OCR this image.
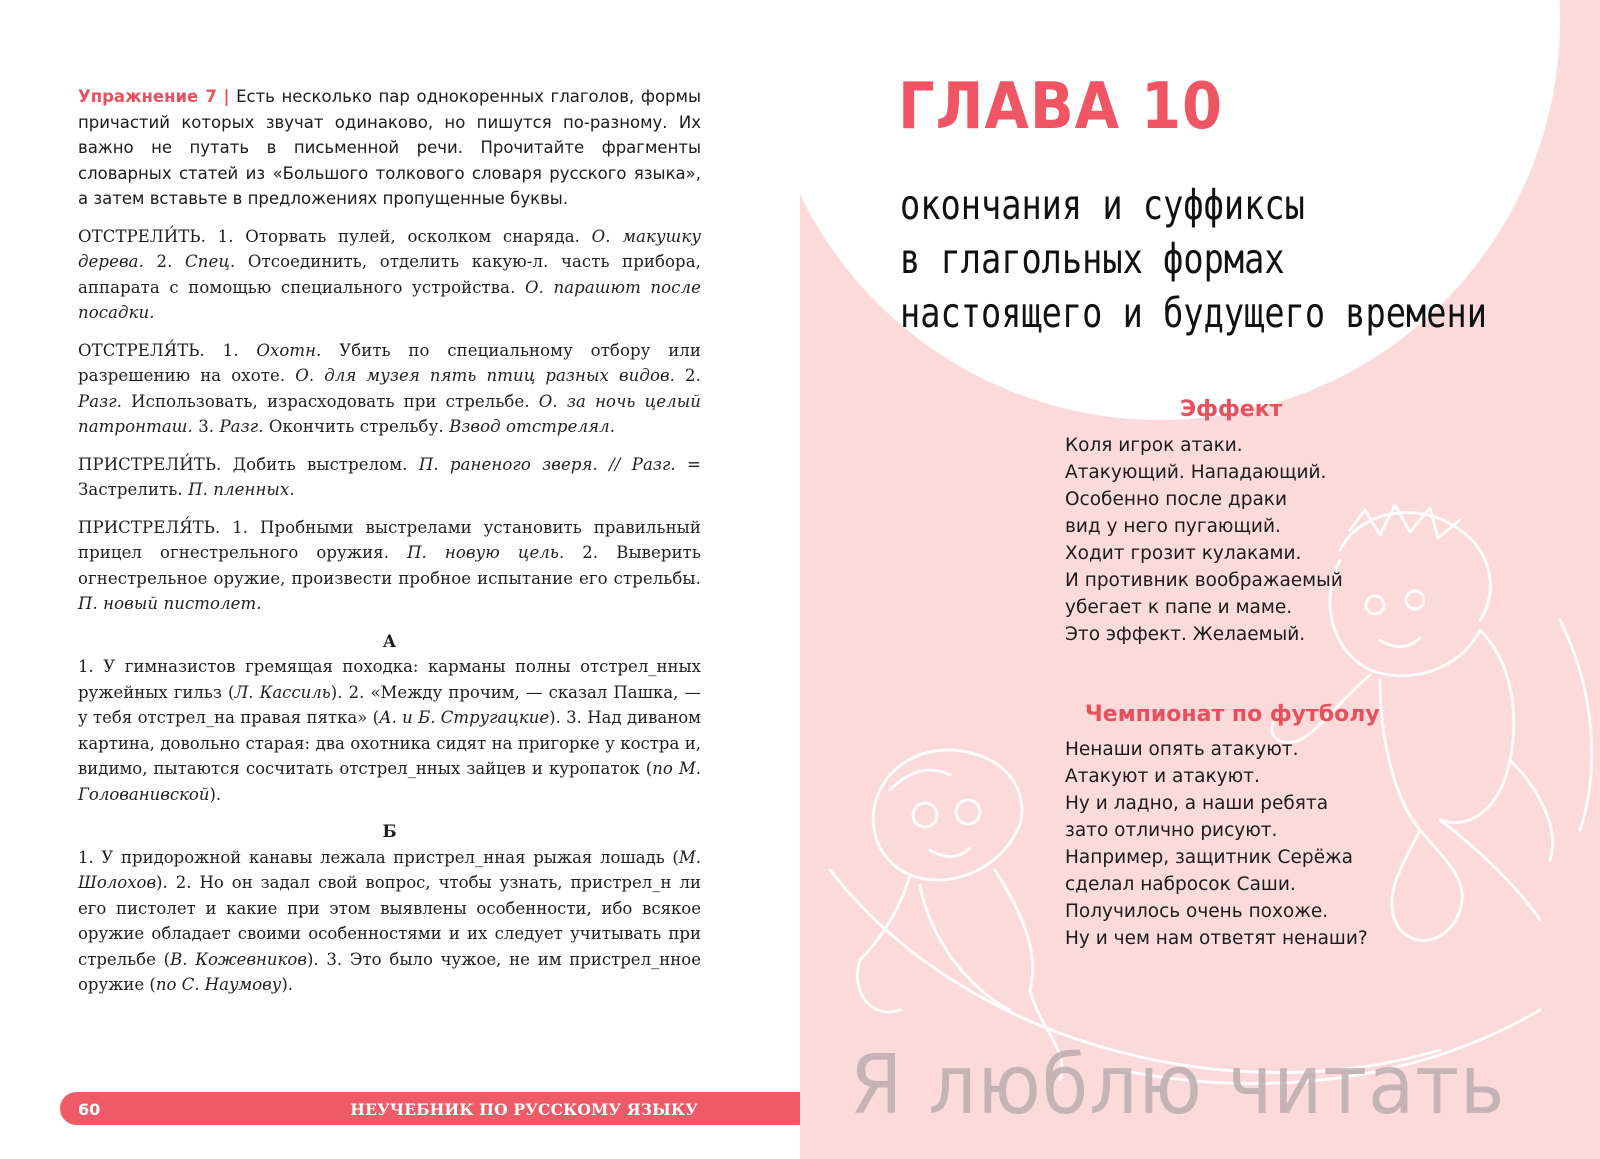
Упражнение 7 | Есть несколько пар однокоренных глаголов, формы причастий которых звучат одинаково, но пишутся по-разному. Их важно не путать в письменной речи. Прочитайте фрагменты словарных статей из «Большого толкового словаря русского языка», а затем вставьте в предложениях пропущенные буквы.

ОТСТРЕЛИ́ТЬ. 1. Оторвать пулей, осколком снаряда. О. макушку дерева. 2. Спец. Отсоединить, отделить какую-л. часть прибора, аппарата с помощью специального устройства. О. парашют после посадки.

ОТСТРЕЛЯ́ТЬ. 1. Охотн. Убить по специальному отбору или разрешению на охоте. О. для музея пять птиц разных видов. 2. Разг. Использовать, израсходовать при стрельбе. О. за ночь целый патронташ. 3. Разг. Окончить стрельбу. Взвод отстрелял.

ПРИСТРЕЛИ́ТЬ. Добить выстрелом. П. раненого зверя. // Разг. = Застрелить. П. пленных.

ПРИСТРЕЛЯ́ТЬ. 1. Пробными выстрелами установить правильный прицел огнестрельного оружия. П. новую цель. 2. Выверить огнестрельное оружие, произвести пробное испытание его стрельбы. П. новый пистолет.

А

1. У гимназистов гремящая походка: карманы полны отстрел_нных ружейных гильз (Л. Кассиль). 2. «Между прочим, — сказал Пашка, — у тебя отстрел_на правая пятка» (А. и Б. Стругацкие). 3. Над диваном картина, довольно старая: два охотника сидят на пригорке у костра и, видимо, пытаются сосчитать отстрел_нных зайцев и куропаток (по М. Голованивской).

Б

1. У придорожной канавы лежала пристрел_нная рыжая лошадь (М. Шолохов). 2. Но он задал свой вопрос, чтобы узнать, пристрел_н ли его пистолет и какие при этом выявлены особенности, ибо всякое оружие обладает своими особенностями и их следует учитывать при стрельбе (В. Кожевников). 3. Это было чужое, не им пристрел_нное оружие (по С. Наумову).

60	НЕУЧЕБНИК ПО РУССКОМУ ЯЗЫКУ
ГЛАВА 10
окончания и суффиксы
в глагольных формах
настоящего и будущего времени
Эффект
Коля игрок атаки.
Атакующий. Нападающий.
Особенно после драки
вид у него пугающий.
Ходит грозит кулаками.
И противник воображаемый
убегает к папе и маме.
Это эффект. Желаемый.
Чемпионат по футболу
Ненаши опять атакуют.
Атакуют и атакуют.
Ну и ладно, а наши ребята
зато отлично рисуют.
Например, защитник Серёжа
сделал набросок Саши.
Получилось очень похоже.
Ну и чем нам ответят ненаши?
Я люблю читать
